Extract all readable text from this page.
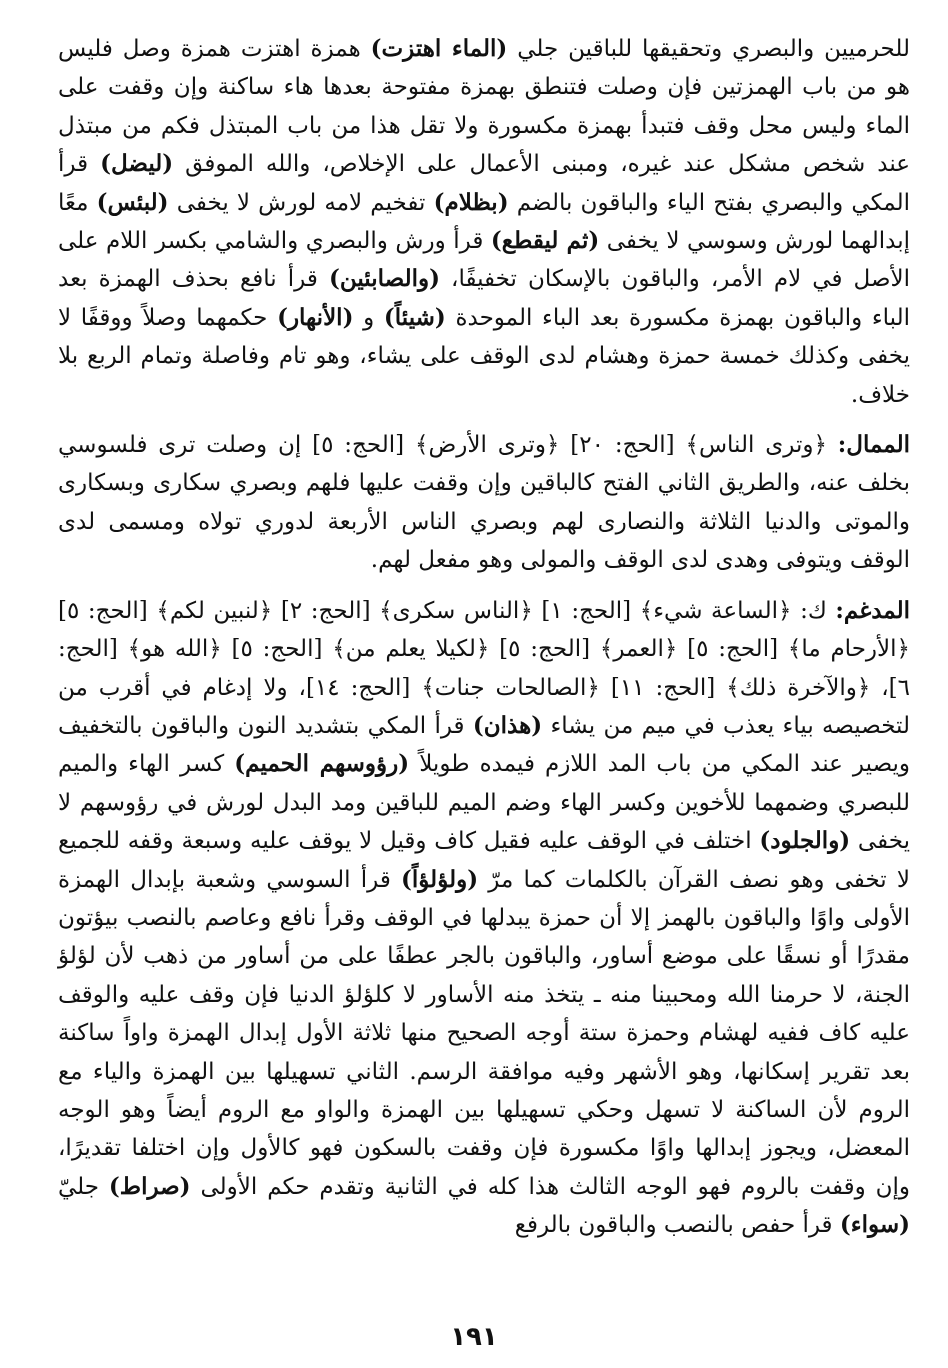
للحرميين والبصري وتحقيقها للباقين جلي (الماء اهتزت) همزة اهتزت همزة وصل فليس هو من باب الهمزتين فإن وصلت فتنطق بهمزة مفتوحة بعدها هاء ساكنة وإن وقفت على الماء وليس محل وقف فتبدأ بهمزة مكسورة ولا تقل هذا من باب المبتذل فكم من مبتذل عند شخص مشكل عند غيره، ومبنى الأعمال على الإخلاص، والله الموفق (ليضل) قرأ المكي والبصري بفتح الياء والباقون بالضم (بظلام) تفخيم لامه لورش لا يخفى (لبئس) معًا إبدالهما لورش وسوسي لا يخفى (ثم ليقطع) قرأ ورش والبصري والشامي بكسر اللام على الأصل في لام الأمر، والباقون بالإسكان تخفيفًا، (والصابئين) قرأ نافع بحذف الهمزة بعد الباء والباقون بهمزة مكسورة بعد الباء الموحدة (شيئاً) و (الأنهار) حكمهما وصلاً ووقفًا لا يخفى وكذلك خمسة حمزة وهشام لدى الوقف على يشاء، وهو تام وفاصلة وتمام الربع بلا خلاف.

الممال: ﴿وترى الناس﴾ [الحج: ٢٠] ﴿وترى الأرض﴾ [الحج: ٥] إن وصلت ترى فلسوسي بخلف عنه، والطريق الثاني الفتح كالباقين وإن وقفت عليها فلهم وبصري سكارى وبسكارى والموتى والدنيا الثلاثة والنصارى لهم وبصري الناس الأربعة لدوري تولاه ومسمى لدى الوقف ويتوفى وهدى لدى الوقف والمولى وهو مفعل لهم.

المدغم: ك: ﴿الساعة شيء﴾ [الحج: ١] ﴿الناس سكرى﴾ [الحج: ٢] ﴿لنبين لكم﴾ [الحج: ٥] ﴿الأرحام ما﴾ [الحج: ٥] ﴿العمر﴾ [الحج: ٥] ﴿لكيلا يعلم من﴾ [الحج: ٥] ﴿الله هو﴾ [الحج: ٦]، ﴿والآخرة ذلك﴾ [الحج: ١١] ﴿الصالحات جنات﴾ [الحج: ١٤]، ولا إدغام في أقرب من لتخصيصه بياء يعذب في ميم من يشاء (هذان) قرأ المكي بتشديد النون والباقون بالتخفيف ويصير عند المكي من باب المد اللازم فيمده طويلاً (رؤوسهم الحميم) كسر الهاء والميم للبصري وضمهما للأخوين وكسر الهاء وضم الميم للباقين ومد البدل لورش في رؤوسهم لا يخفى (والجلود) اختلف في الوقف عليه فقيل كاف وقيل لا يوقف عليه وسبعة وقفه للجميع لا تخفى وهو نصف القرآن بالكلمات كما مرّ (ولؤلؤاً) قرأ السوسي وشعبة بإبدال الهمزة الأولى واوًا والباقون بالهمز إلا أن حمزة يبدلها في الوقف وقرأ نافع وعاصم بالنصب بيؤتون مقدرًا أو نسقًا على موضع أساور، والباقون بالجر عطفًا على من أساور من ذهب لأن لؤلؤ الجنة، لا حرمنا الله ومحبينا منه ـ يتخذ منه الأساور لا كلؤلؤ الدنيا فإن وقف عليه والوقف عليه كاف ففيه لهشام وحمزة ستة أوجه الصحيح منها ثلاثة الأول إبدال الهمزة واواً ساكنة بعد تقرير إسكانها، وهو الأشهر وفيه موافقة الرسم. الثاني تسهيلها بين الهمزة والياء مع الروم لأن الساكنة لا تسهل وحكي تسهيلها بين الهمزة والواو مع الروم أيضاً وهو الوجه المعضل، ويجوز إبدالها واوًا مكسورة فإن وقفت بالسكون فهو كالأول وإن اختلفا تقديرًا، وإن وقفت بالروم فهو الوجه الثالث هذا كله في الثانية وتقدم حكم الأولى (صراط) جليّ (سواء) قرأ حفص بالنصب والباقون بالرفع

١٩١
